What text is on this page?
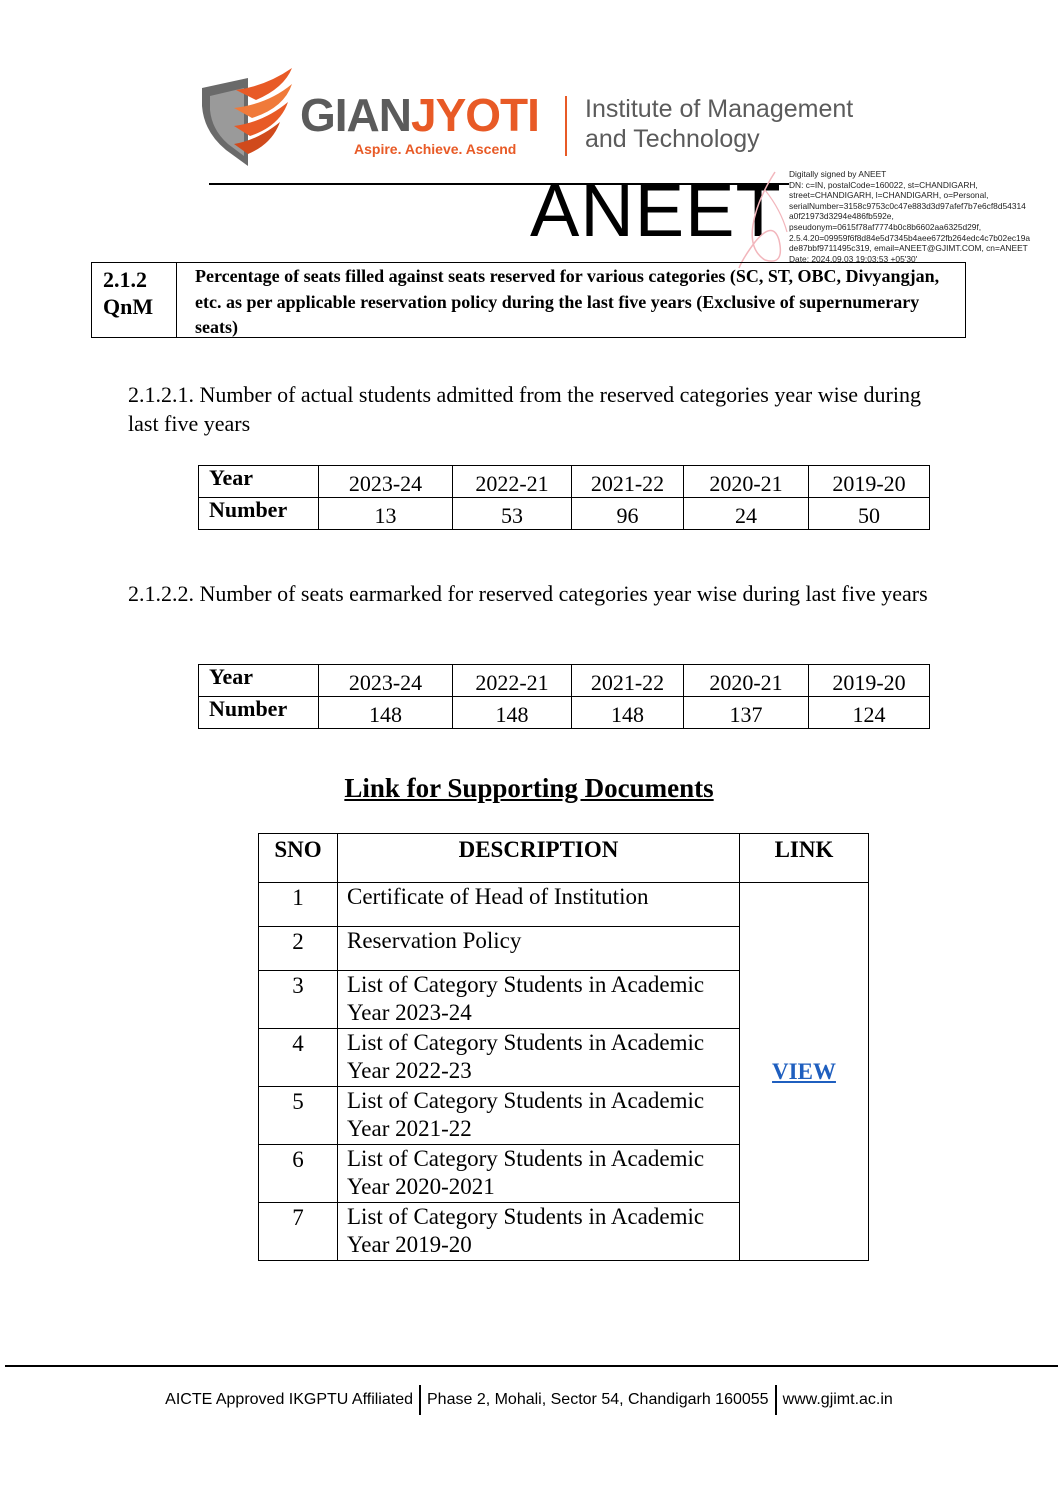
GIANJYOTI
Aspire. Achieve. Ascend
Institute of Management
and Technology
ANEET Digitally signed by ANEET
DN: c=IN, postalCode=160022, st=CHANDIGARH,
street=CHANDIGARH, l=CHANDIGARH, o=Personal,
serialNumber=3158c9753c0c47e883d3d97afef7b7e6cf8d54314
a0f21973d3294e486fb592e,
pseudonym=0615f78af7774b0c8b6602aa6325d29f,
2.5.4.20=09959f6f8d84e5d7345b4aee672fb264edc4c7b02ec19a
de87bbf9711495c319, email=ANEET@GJIMT.COM, cn=ANEET
Date: 2024.09.03 19:03:53 +05'30'
2.1.2
QnM
Percentage of seats filled against seats reserved for various categories (SC, ST, OBC, Divyangjan, etc. as per applicable reservation policy during the last five years (Exclusive of supernumerary seats)
2.1.2.1. Number of actual students admitted from the reserved categories year wise during last five years
Year	2023-24	2022-21	2021-22	2020-21	2019-20
Number	13	53	96	24	50
2.1.2.2. Number of seats earmarked for reserved categories year wise during last five years
Year	2023-24	2022-21	2021-22	2020-21	2019-20
Number	148	148	148	137	124
Link for Supporting Documents
SNO	DESCRIPTION	LINK
1	Certificate of Head of Institution	VIEW
2	Reservation Policy	
3	List of Category Students in Academic Year 2023-24	
4	List of Category Students in Academic Year 2022-23	
5	List of Category Students in Academic Year 2021-22	
6	List of Category Students in Academic Year 2020-2021	
7	List of Category Students in Academic Year 2019-20	
AICTE Approved IKGPTU Affiliated Phase 2, Mohali, Sector 54, Chandigarh 160055 www.gjimt.ac.in
